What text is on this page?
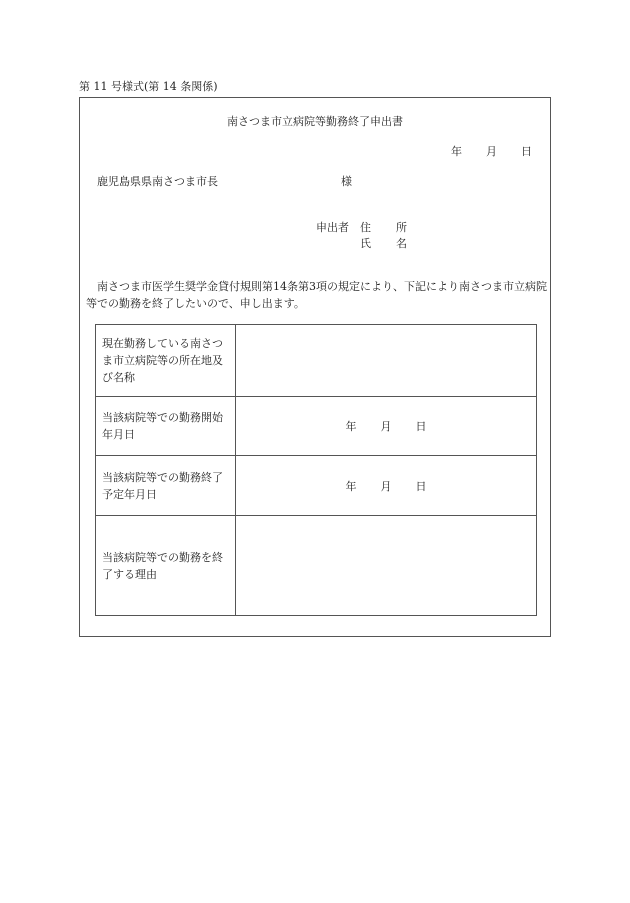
第 11 号様式(第 14 条関係)
南さつま市立病院等勤務終了申出書
年 月 日
鹿児島県県南さつま市長	様
申出者	住	所
氏	名
南さつま市医学生奨学金貸付規則第14条第3項の規定により、下記により南さつま市立病院等での勤務を終了したいので、申し出ます。
現在勤務している南さつま市立病院等の所在地及び名称	
当該病院等での勤務開始年月日	年 月 日
当該病院等での勤務終了予定年月日	年 月 日
当該病院等での勤務を終了する理由	
